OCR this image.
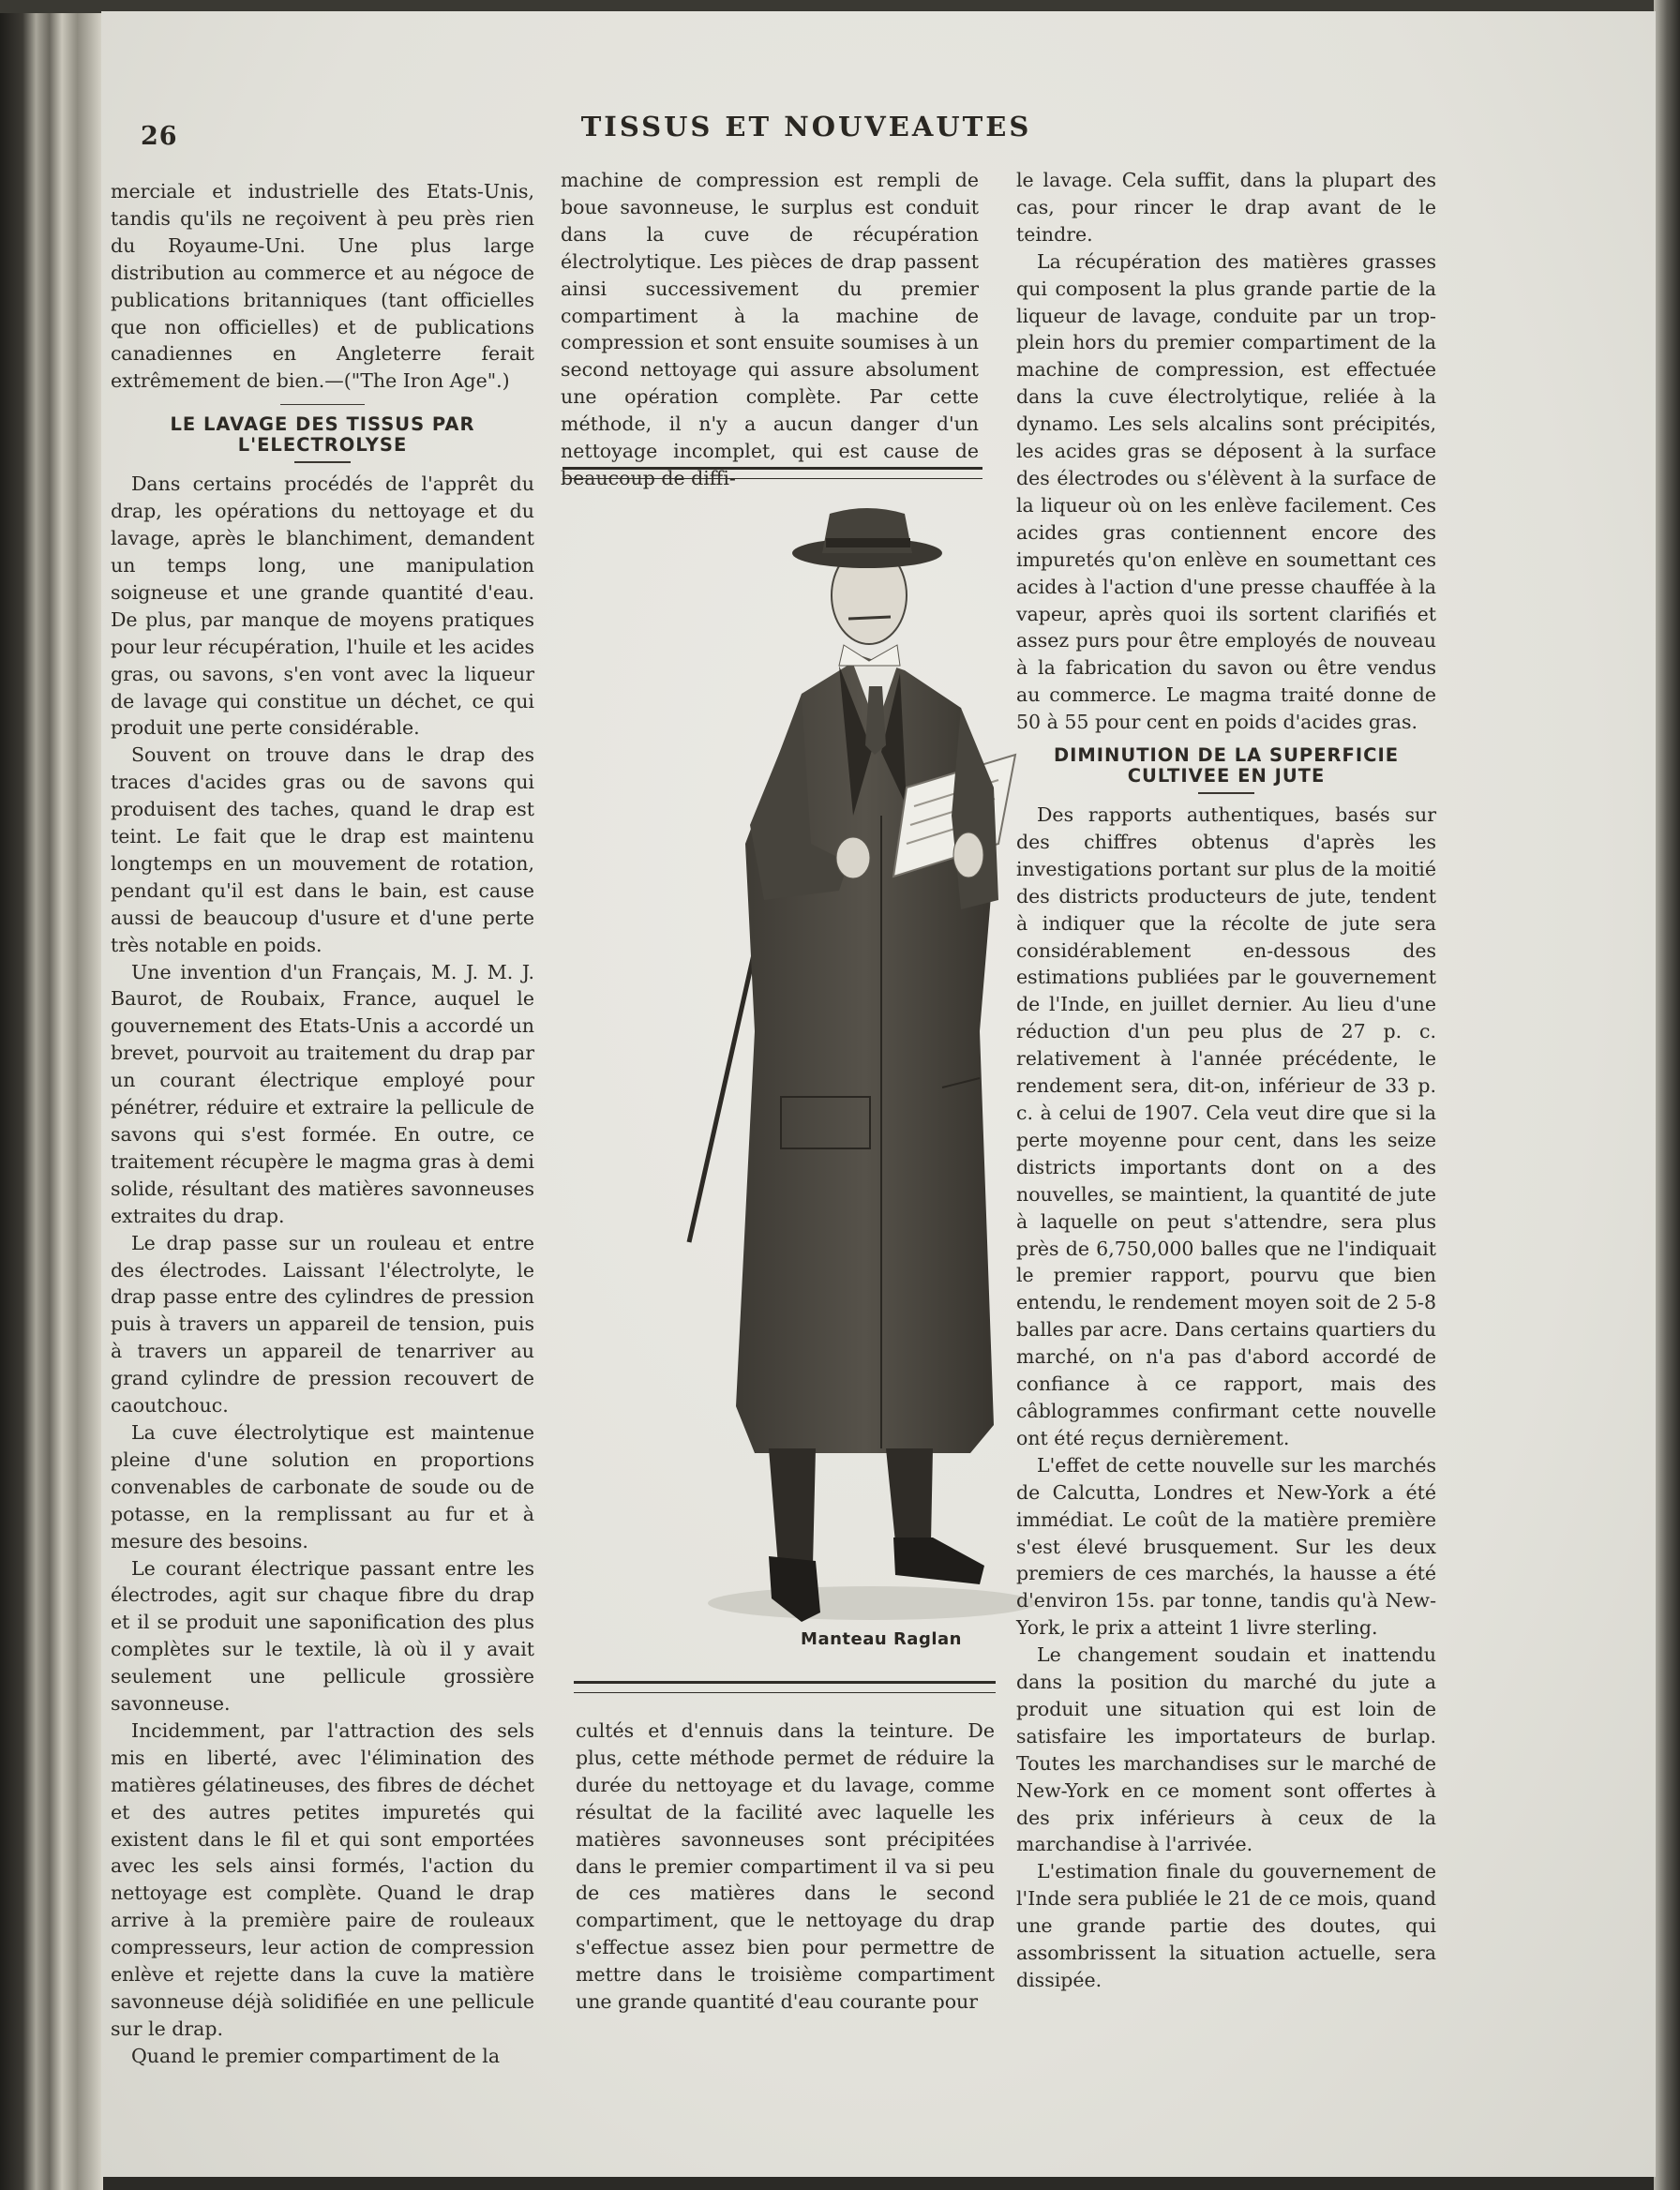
26	TISSUS ET NOUVEAUTES

merciale et industrielle des Etats-Unis, tandis qu'ils ne reçoivent à peu près rien du Royaume-Uni. Une plus large distribution au commerce et au négoce de publications britanniques (tant officielles que non officielles) et de publications canadiennes en Angleterre ferait extrêmement de bien.—("The Iron Age".)

LE LAVAGE DES TISSUS PAR L'ELECTROLYSE

Dans certains procédés de l'apprêt du drap, les opérations du nettoyage et du lavage, après le blanchiment, demandent un temps long, une manipulation soigneuse et une grande quantité d'eau. De plus, par manque de moyens pratiques pour leur récupération, l'huile et les acides gras, ou savons, s'en vont avec la liqueur de lavage qui constitue un déchet, ce qui produit une perte considérable.

Souvent on trouve dans le drap des traces d'acides gras ou de savons qui produisent des taches, quand le drap est teint. Le fait que le drap est maintenu longtemps en un mouvement de rotation, pendant qu'il est dans le bain, est cause aussi de beaucoup d'usure et d'une perte très notable en poids.

Une invention d'un Français, M. J. M. J. Baurot, de Roubaix, France, auquel le gouvernement des Etats-Unis a accordé un brevet, pourvoit au traitement du drap par un courant électrique employé pour pénétrer, réduire et extraire la pellicule de savons qui s'est formée. En outre, ce traitement récupère le magma gras à demi solide, résultant des matières savonneuses extraites du drap.

Le drap passe sur un rouleau et entre des électrodes. Laissant l'électrolyte, le drap passe entre des cylindres de pression puis à travers un appareil de tension, puis à travers un appareil de tenarriver au grand cylindre de pression recouvert de caoutchouc.

La cuve électrolytique est maintenue pleine d'une solution en proportions convenables de carbonate de soude ou de potasse, en la remplissant au fur et à mesure des besoins.

Le courant électrique passant entre les électrodes, agit sur chaque fibre du drap et il se produit une saponification des plus complètes sur le textile, là où il y avait seulement une pellicule grossière savonneuse.

Incidemment, par l'attraction des sels mis en liberté, avec l'élimination des matières gélatineuses, des fibres de déchet et des autres petites impuretés qui existent dans le fil et qui sont emportées avec les sels ainsi formés, l'action du nettoyage est complète. Quand le drap arrive à la première paire de rouleaux compresseurs, leur action de compression enlève et rejette dans la cuve la matière savonneuse déjà solidifiée en une pellicule sur le drap.

Quand le premier compartiment de la

machine de compression est rempli de boue savonneuse, le surplus est conduit dans la cuve de récupération électrolytique. Les pièces de drap passent ainsi successivement du premier compartiment à la machine de compression et sont ensuite soumises à un second nettoyage qui assure absolument une opération complète. Par cette méthode, il n'y a aucun danger d'un nettoyage incomplet, qui est cause de beaucoup de diffi-

Manteau Raglan

cultés et d'ennuis dans la teinture. De plus, cette méthode permet de réduire la durée du nettoyage et du lavage, comme résultat de la facilité avec laquelle les matières savonneuses sont précipitées dans le premier compartiment il va si peu de ces matières dans le second compartiment, que le nettoyage du drap s'effectue assez bien pour permettre de mettre dans le troisième compartiment une grande quantité d'eau courante pour

le lavage. Cela suffit, dans la plupart des cas, pour rincer le drap avant de le teindre.

La récupération des matières grasses qui composent la plus grande partie de la liqueur de lavage, conduite par un trop-plein hors du premier compartiment de la machine de compression, est effectuée dans la cuve électrolytique, reliée à la dynamo. Les sels alcalins sont précipités, les acides gras se déposent à la surface des électrodes ou s'élèvent à la surface de la liqueur où on les enlève facilement. Ces acides gras contiennent encore des impuretés qu'on enlève en soumettant ces acides à l'action d'une presse chauffée à la vapeur, après quoi ils sortent clarifiés et assez purs pour être employés de nouveau à la fabrication du savon ou être vendus au commerce. Le magma traité donne de 50 à 55 pour cent en poids d'acides gras.

DIMINUTION DE LA SUPERFICIE CULTIVEE EN JUTE

Des rapports authentiques, basés sur des chiffres obtenus d'après les investigations portant sur plus de la moitié des districts producteurs de jute, tendent à indiquer que la récolte de jute sera considérablement en-dessous des estimations publiées par le gouvernement de l'Inde, en juillet dernier. Au lieu d'une réduction d'un peu plus de 27 p. c. relativement à l'année précédente, le rendement sera, dit-on, inférieur de 33 p. c. à celui de 1907. Cela veut dire que si la perte moyenne pour cent, dans les seize districts importants dont on a des nouvelles, se maintient, la quantité de jute à laquelle on peut s'attendre, sera plus près de 6,750,000 balles que ne l'indiquait le premier rapport, pourvu que bien entendu, le rendement moyen soit de 2 5-8 balles par acre. Dans certains quartiers du marché, on n'a pas d'abord accordé de confiance à ce rapport, mais des câblogrammes confirmant cette nouvelle ont été reçus dernièrement.

L'effet de cette nouvelle sur les marchés de Calcutta, Londres et New-York a été immédiat. Le coût de la matière première s'est élevé brusquement. Sur les deux premiers de ces marchés, la hausse a été d'environ 15s. par tonne, tandis qu'à New-York, le prix a atteint 1 livre sterling.

Le changement soudain et inattendu dans la position du marché du jute a produit une situation qui est loin de satisfaire les importateurs de burlap. Toutes les marchandises sur le marché de New-York en ce moment sont offertes à des prix inférieurs à ceux de la marchandise à l'arrivée.

L'estimation finale du gouvernement de l'Inde sera publiée le 21 de ce mois, quand une grande partie des doutes, qui assombrissent la situation actuelle, sera dissipée.
